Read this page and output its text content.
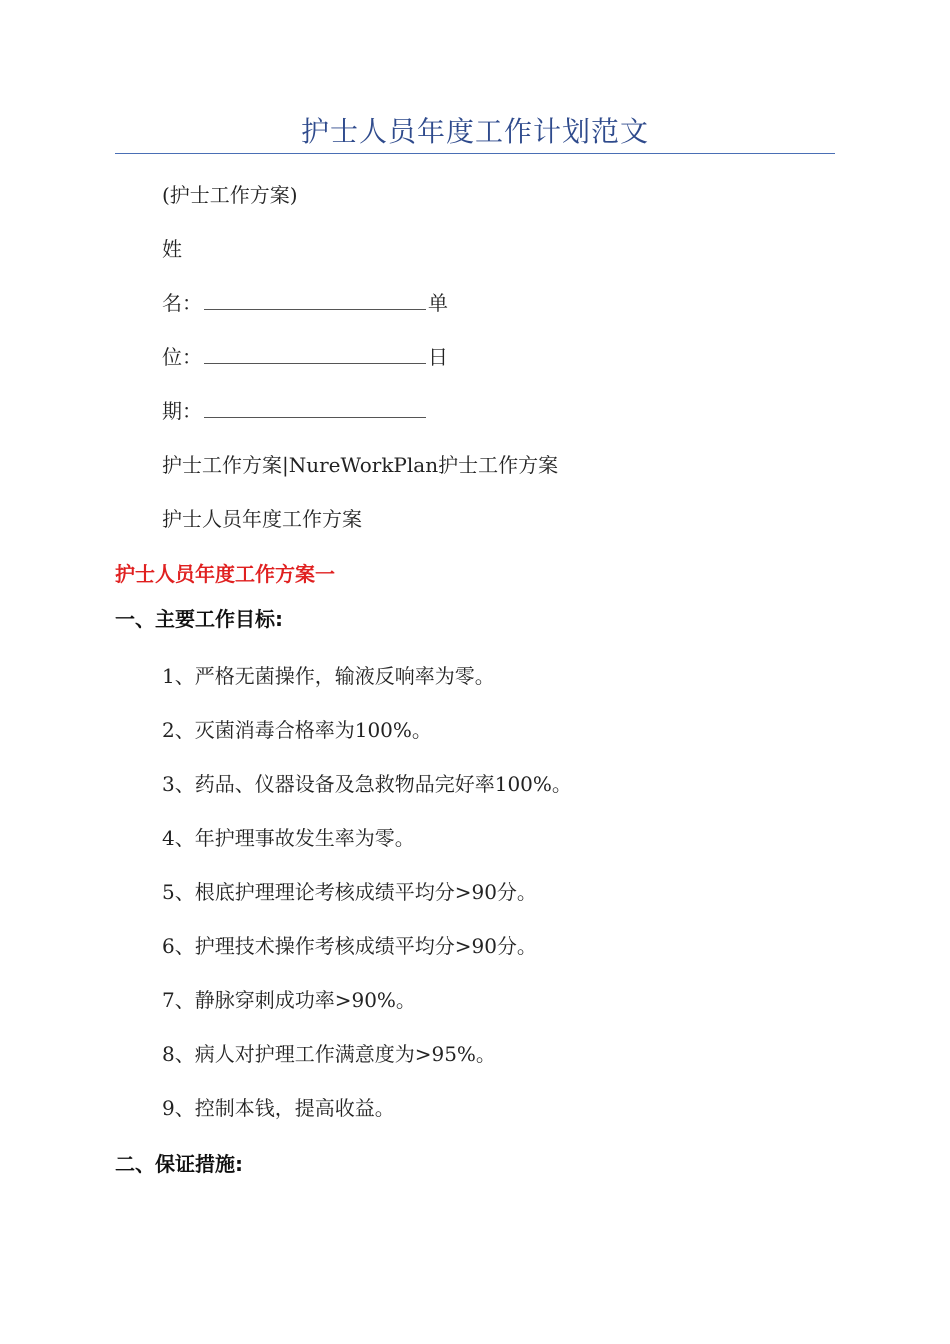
护士人员年度工作计划范文
(护士工作方案)
姓
名：	单
位：	日
期：
护士工作方案|NureWorkPlan护士工作方案
护士人员年度工作方案
护士人员年度工作方案一
一、主要工作目标:
1、严格无菌操作，输液反响率为零。
2、灭菌消毒合格率为100%。
3、药品、仪器设备及急救物品完好率100%。
4、年护理事故发生率为零。
5、根底护理理论考核成绩平均分>90分。
6、护理技术操作考核成绩平均分>90分。
7、静脉穿刺成功率>90%。
8、病人对护理工作满意度为>95%。
9、控制本钱，提高收益。
二、保证措施:
